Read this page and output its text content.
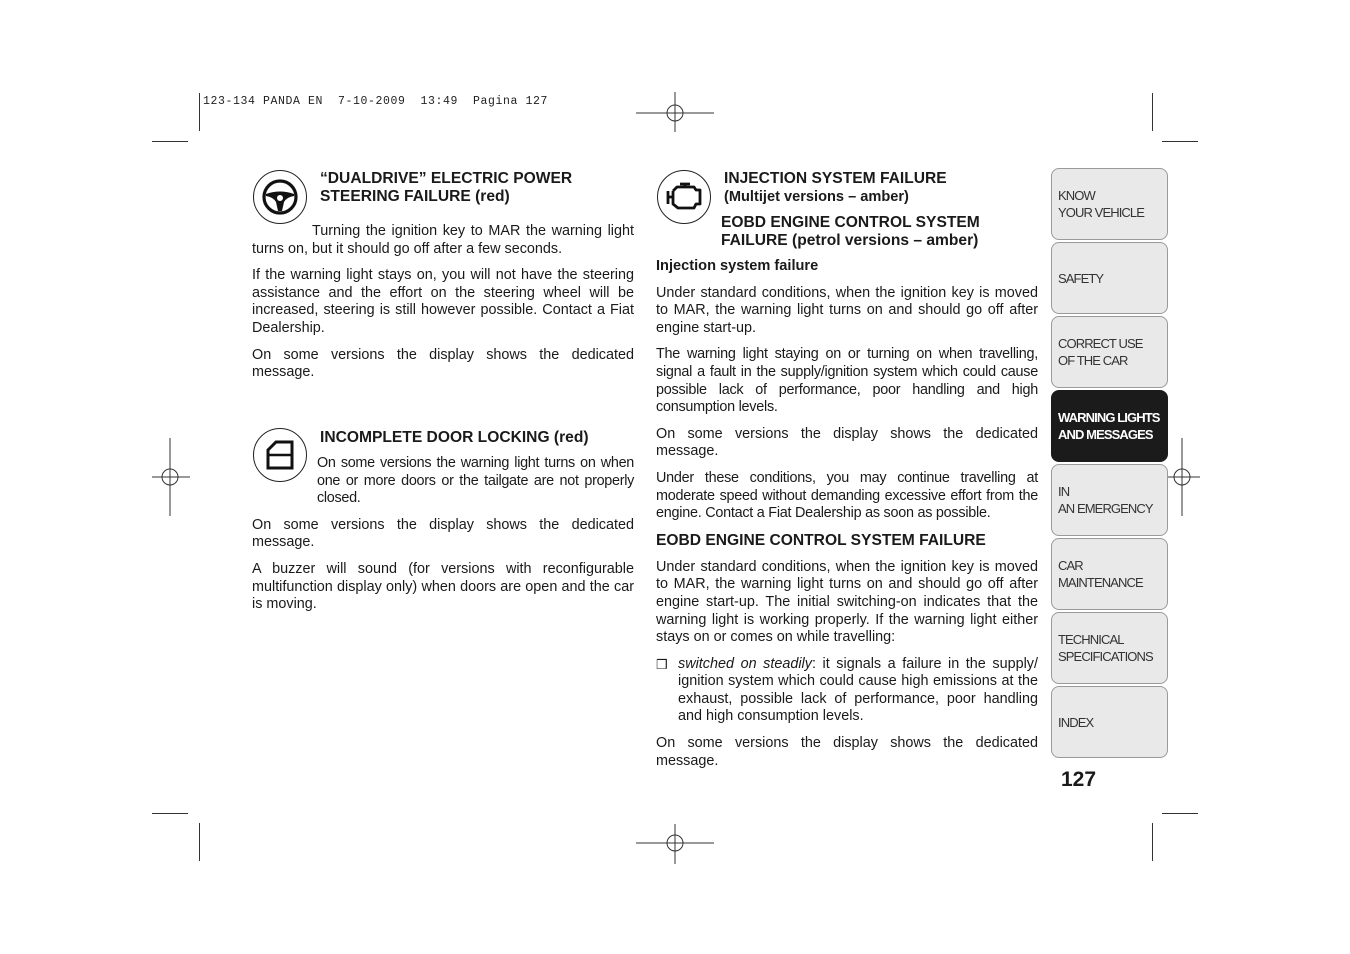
123-134 PANDA EN  7-10-2009  13:49  Pagina 127
“DUALDRIVE” ELECTRIC POWER
STEERING FAILURE (red)

Turning the ignition key to MAR the warning light turns on, but it should go off after a few seconds.

If the warning light stays on, you will not have the steering assistance and the effort on the steering wheel will be increased, steering is still however possible. Contact a Fiat Dealership.

On some versions the display shows the dedicated message.

INCOMPLETE DOOR LOCKING (red)

On some versions the warning light turns on when one or more doors or the tailgate are not properly closed.

On some versions the display shows the dedicated message.

A buzzer will sound (for versions with reconfigurable multifunction display only) when doors are open and the car is moving.

INJECTION SYSTEM FAILURE
(Multijet versions – amber)
EOBD ENGINE CONTROL SYSTEM
FAILURE (petrol versions – amber)
Injection system failure

Under standard conditions, when the ignition key is moved to MAR, the warning light turns on and should go off after engine start-up.

The warning light staying on or turning on when travelling, signal a fault in the supply/ignition system which could cause possible lack of performance, poor handling and high consumption levels.

On some versions the display shows the dedicated message.

Under these conditions, you may continue travelling at moderate speed without demanding excessive effort from the engine. Contact a Fiat Dealership as soon as possible.

EOBD ENGINE CONTROL SYSTEM FAILURE

Under standard conditions, when the ignition key is moved to MAR, the warning light turns on and should go off after engine start-up. The initial switching-on indicates that the warning light is working properly. If the warning light either stays on or comes on while travelling:

❒ switched on steadily: it signals a failure in the supply/ ignition system which could cause high emissions at the exhaust, possible lack of performance, poor handling and high consumption levels.

On some versions the display shows the dedicated message.

KNOW
YOUR VEHICLE
SAFETY
CORRECT USE
OF THE CAR
WARNING LIGHTS
AND MESSAGES
IN
AN EMERGENCY
CAR
MAINTENANCE
TECHNICAL
SPECIFICATIONS
INDEX
127
